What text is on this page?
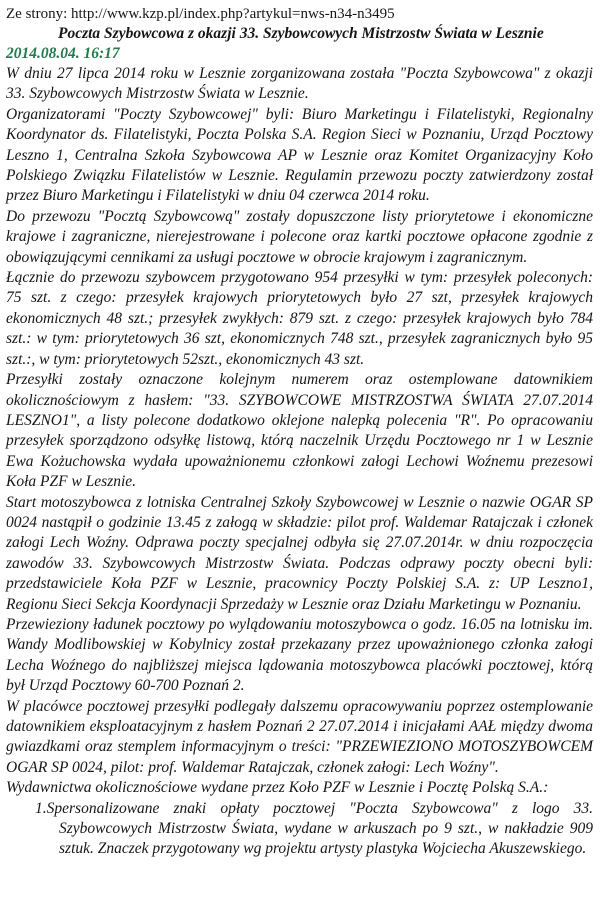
Ze strony: http://www.kzp.pl/index.php?artykul=nws-n34-n3495
Poczta Szybowcowa z okazji 33. Szybowcowych Mistrzostw Świata w Lesznie
2014.08.04. 16:17

W dniu 27 lipca 2014 roku w Lesznie zorganizowana została "Poczta Szybowcowa" z okazji 33. Szybowcowych Mistrzostw Świata w Lesznie.

Organizatorami "Poczty Szybowcowej" byli: Biuro Marketingu i Filatelistyki, Regionalny Koordynator ds. Filatelistyki, Poczta Polska S.A. Region Sieci w Poznaniu, Urząd Pocztowy Leszno 1, Centralna Szkoła Szybowcowa AP w Lesznie oraz Komitet Organizacyjny Koło Polskiego Związku Filatelistów w Lesznie. Regulamin przewozu poczty zatwierdzony został przez Biuro Marketingu i Filatelistyki w dniu 04 czerwca 2014 roku.

Do przewozu "Pocztą Szybowcową" zostały dopuszczone listy priorytetowe i ekonomiczne krajowe i zagraniczne, nierejestrowane i polecone oraz kartki pocztowe opłacone zgodnie z obowiązującymi cennikami za usługi pocztowe w obrocie krajowym i zagranicznym.

Łącznie do przewozu szybowcem przygotowano 954 przesyłki w tym: przesyłek poleconych: 75 szt. z czego: przesyłek krajowych priorytetowych było 27 szt, przesyłek krajowych ekonomicznych 48 szt.; przesyłek zwykłych: 879 szt. z czego: przesyłek krajowych było 784 szt.: w tym: priorytetowych 36 szt, ekonomicznych 748 szt., przesyłek zagranicznych było 95 szt.:, w tym: priorytetowych 52szt., ekonomicznych 43 szt.

Przesyłki zostały oznaczone kolejnym numerem oraz ostemplowane datownikiem okolicznościowym z hasłem: "33. SZYBOWCOWE MISTRZOSTWA ŚWIATA 27.07.2014 LESZNO1", a listy polecone dodatkowo oklejone nalepką polecenia "R". Po opracowaniu przesyłek sporządzono odsyłkę listową, którą naczelnik Urzędu Pocztowego nr 1 w Lesznie Ewa Kożuchowska wydała upoważnionemu członkowi załogi Lechowi Woźnemu prezesowi Koła PZF w Lesznie.

Start motoszybowca z lotniska Centralnej Szkoły Szybowcowej w Lesznie o nazwie OGAR SP 0024 nastąpił o godzinie 13.45 z załogą w składzie: pilot prof. Waldemar Ratajczak i członek załogi Lech Woźny. Odprawa poczty specjalnej odbyła się 27.07.2014r. w dniu rozpoczęcia zawodów 33. Szybowcowych Mistrzostw Świata. Podczas odprawy poczty obecni byli: przedstawiciele Koła PZF w Lesznie, pracownicy Poczty Polskiej S.A. z: UP Leszno1, Regionu Sieci Sekcja Koordynacji Sprzedaży w Lesznie oraz Działu Marketingu w Poznaniu.

Przewieziony ładunek pocztowy po wylądowaniu motoszybowca o godz. 16.05 na lotnisku im. Wandy Modlibowskiej w Kobylnicy został przekazany przez upoważnionego członka załogi Lecha Woźnego do najbliższej miejsca lądowania motoszybowca placówki pocztowej, którą był Urząd Pocztowy 60-700 Poznań 2.

W placówce pocztowej przesyłki podlegały dalszemu opracowywaniu poprzez ostemplowanie datownikiem eksploatacyjnym z hasłem Poznań 2 27.07.2014 i inicjałami AAŁ między dwoma gwiazdkami oraz stemplem informacyjnym o treści: "PRZEWIEZIONO MOTOSZYBOWCEM OGAR SP 0024, pilot: prof. Waldemar Ratajczak, członek załogi: Lech Woźny".

Wydawnictwa okolicznościowe wydane przez Koło PZF w Lesznie i Pocztę Polską S.A.:

1.Spersonalizowane znaki opłaty pocztowej "Poczta Szybowcowa" z logo 33. Szybowcowych Mistrzostw Świata, wydane w arkuszach po 9 szt., w nakładzie 909 sztuk. Znaczek przygotowany wg projektu artysty plastyka Wojciecha Akuszewskiego.
